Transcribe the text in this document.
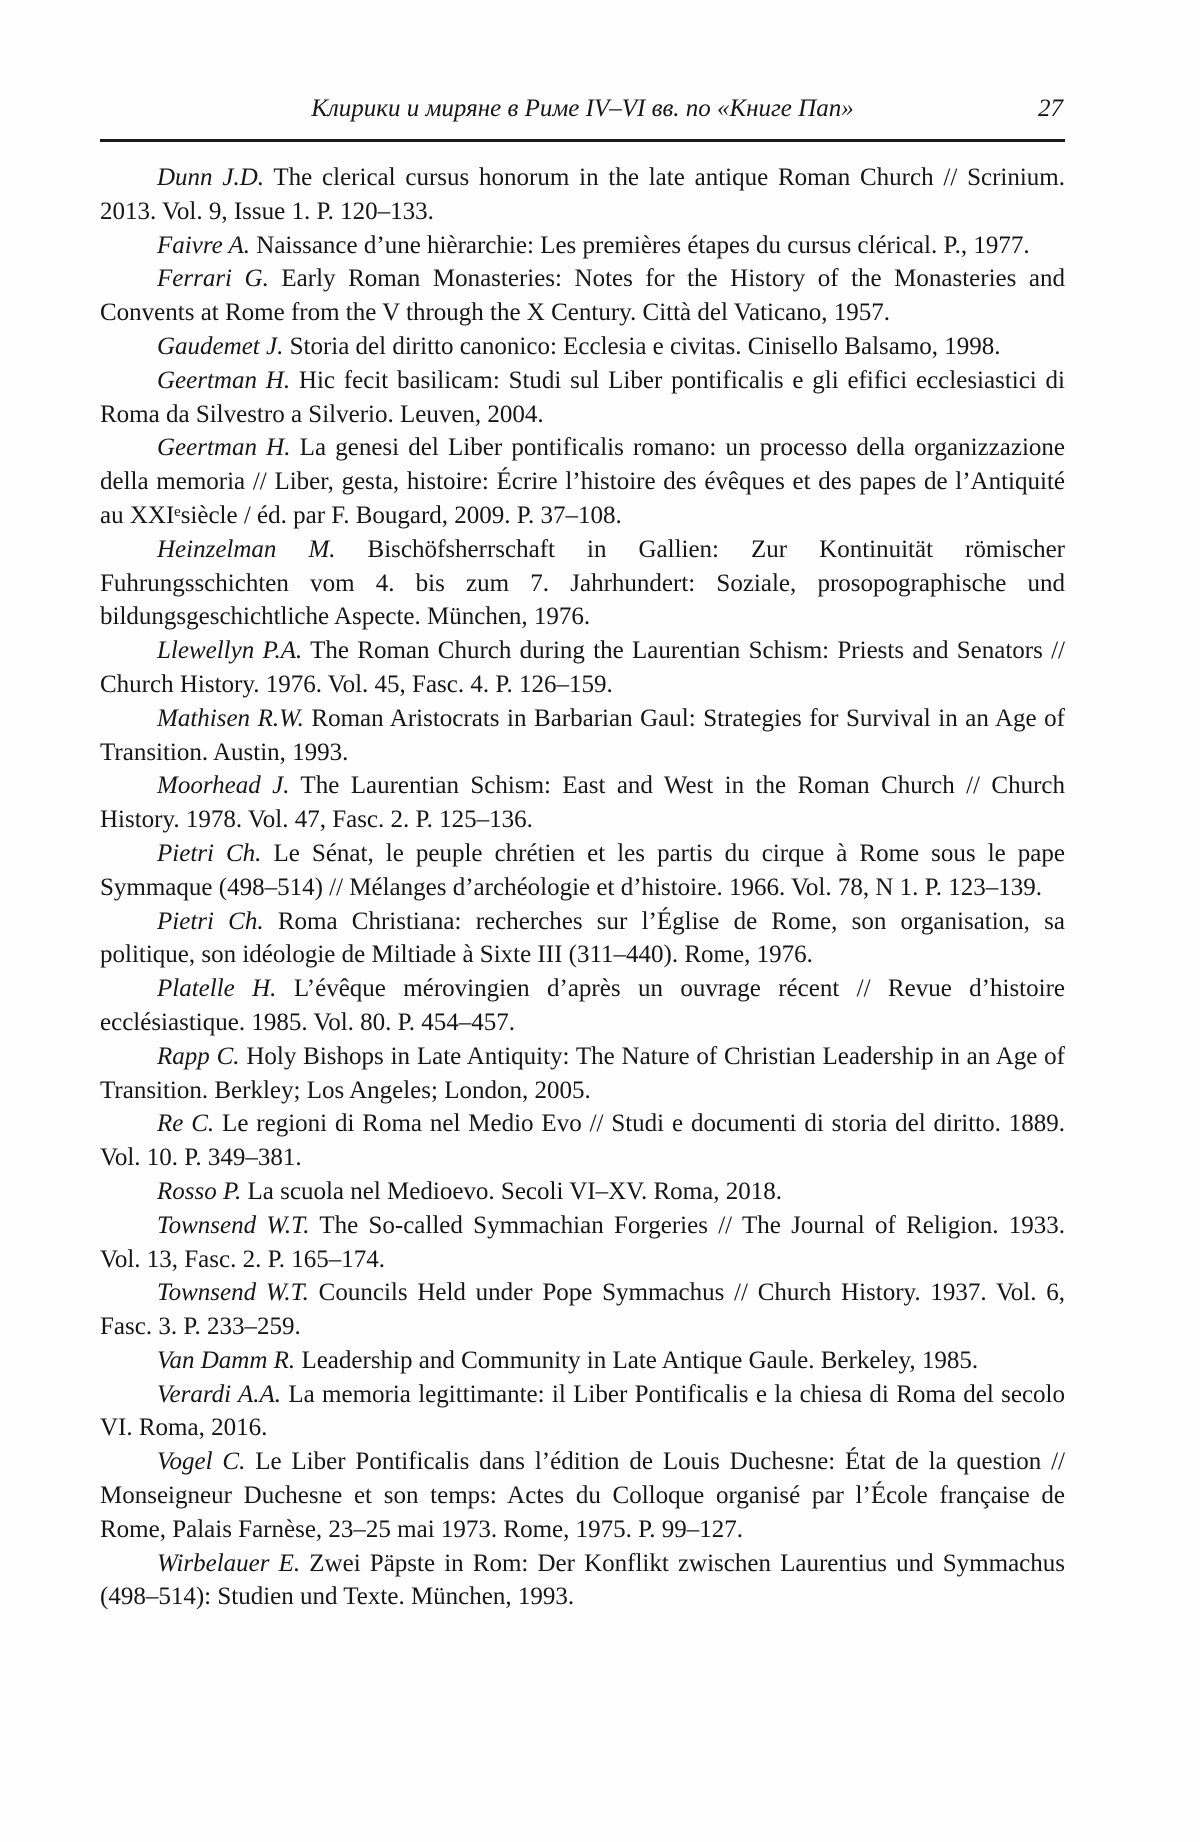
Клирики и миряне в Риме IV–VI вв. по «Книге Пап»	27

Dunn J.D. The clerical cursus honorum in the late antique Roman Church // Scrinium. 2013. Vol. 9, Issue 1. P. 120–133.

Faivre A. Naissance d’une hièrarchie: Les premières étapes du cursus clérical. P., 1977.

Ferrari G. Early Roman Monasteries: Notes for the History of the Monasteries and Convents at Rome from the V through the X Century. Città del Vaticano, 1957.

Gaudemet J. Storia del diritto canonico: Ecclesia e civitas. Cinisello Balsamo, 1998.

Geertman H. Hic fecit basilicam: Studi sul Liber pontificalis e gli efifici ecclesiastici di Roma da Silvestro a Silverio. Leuven, 2004.

Geertman H. La genesi del Liber pontificalis romano: un processo della organizzazione della memoria // Liber, gesta, histoire: Écrire l’histoire des évêques et des papes de l’Antiquité au XXIᵉsiècle / éd. par F. Bougard, 2009. P. 37–108.

Heinzelman M. Bischöfsherrschaft in Gallien: Zur Kontinuität römischer Fuhrungsschichten vom 4. bis zum 7. Jahrhundert: Soziale, prosopographische und bildungsgeschichtliche Aspecte. München, 1976.

Llewellyn P.A. The Roman Church during the Laurentian Schism: Priests and Senators // Church History. 1976. Vol. 45, Fasc. 4. P. 126–159.

Mathisen R.W. Roman Aristocrats in Barbarian Gaul: Strategies for Survival in an Age of Transition. Austin, 1993.

Moorhead J. The Laurentian Schism: East and West in the Roman Church // Church History. 1978. Vol. 47, Fasc. 2. P. 125–136.

Pietri Ch. Le Sénat, le peuple chrétien et les partis du cirque à Rome sous le pape Symmaque (498–514) // Mélanges d’archéologie et d’histoire. 1966. Vol. 78, N 1. P. 123–139.

Pietri Ch. Roma Christiana: recherches sur l’Église de Rome, son organisation, sa politique, son idéologie de Miltiade à Sixte III (311–440). Rome, 1976.

Platelle H. L’évêque mérovingien d’après un ouvrage récent // Revue d’histoire ecclésiastique. 1985. Vol. 80. P. 454–457.

Rapp C. Holy Bishops in Late Antiquity: The Nature of Christian Leadership in an Age of Transition. Berkley; Los Angeles; London, 2005.

Re C. Le regioni di Roma nel Medio Evo // Studi e documenti di storia del diritto. 1889. Vol. 10. P. 349–381.

Rosso P. La scuola nel Medioevo. Secoli VI–XV. Roma, 2018.

Townsend W.T. The So-called Symmachian Forgeries // The Journal of Religion. 1933. Vol. 13, Fasc. 2. P. 165–174.

Townsend W.T. Councils Held under Pope Symmachus // Church History. 1937. Vol. 6, Fasc. 3. P. 233–259.

Van Damm R. Leadership and Community in Late Antique Gaule. Berkeley, 1985.

Verardi A.A. La memoria legittimante: il Liber Pontificalis e la chiesa di Roma del secolo VI. Roma, 2016.

Vogel C. Le Liber Pontificalis dans l’édition de Louis Duchesne: État de la question // Monseigneur Duchesne et son temps: Actes du Colloque organisé par l’École française de Rome, Palais Farnèse, 23–25 mai 1973. Rome, 1975. P. 99–127.

Wirbelauer E. Zwei Päpste in Rom: Der Konflikt zwischen Laurentius und Symmachus (498–514): Studien und Texte. München, 1993.
